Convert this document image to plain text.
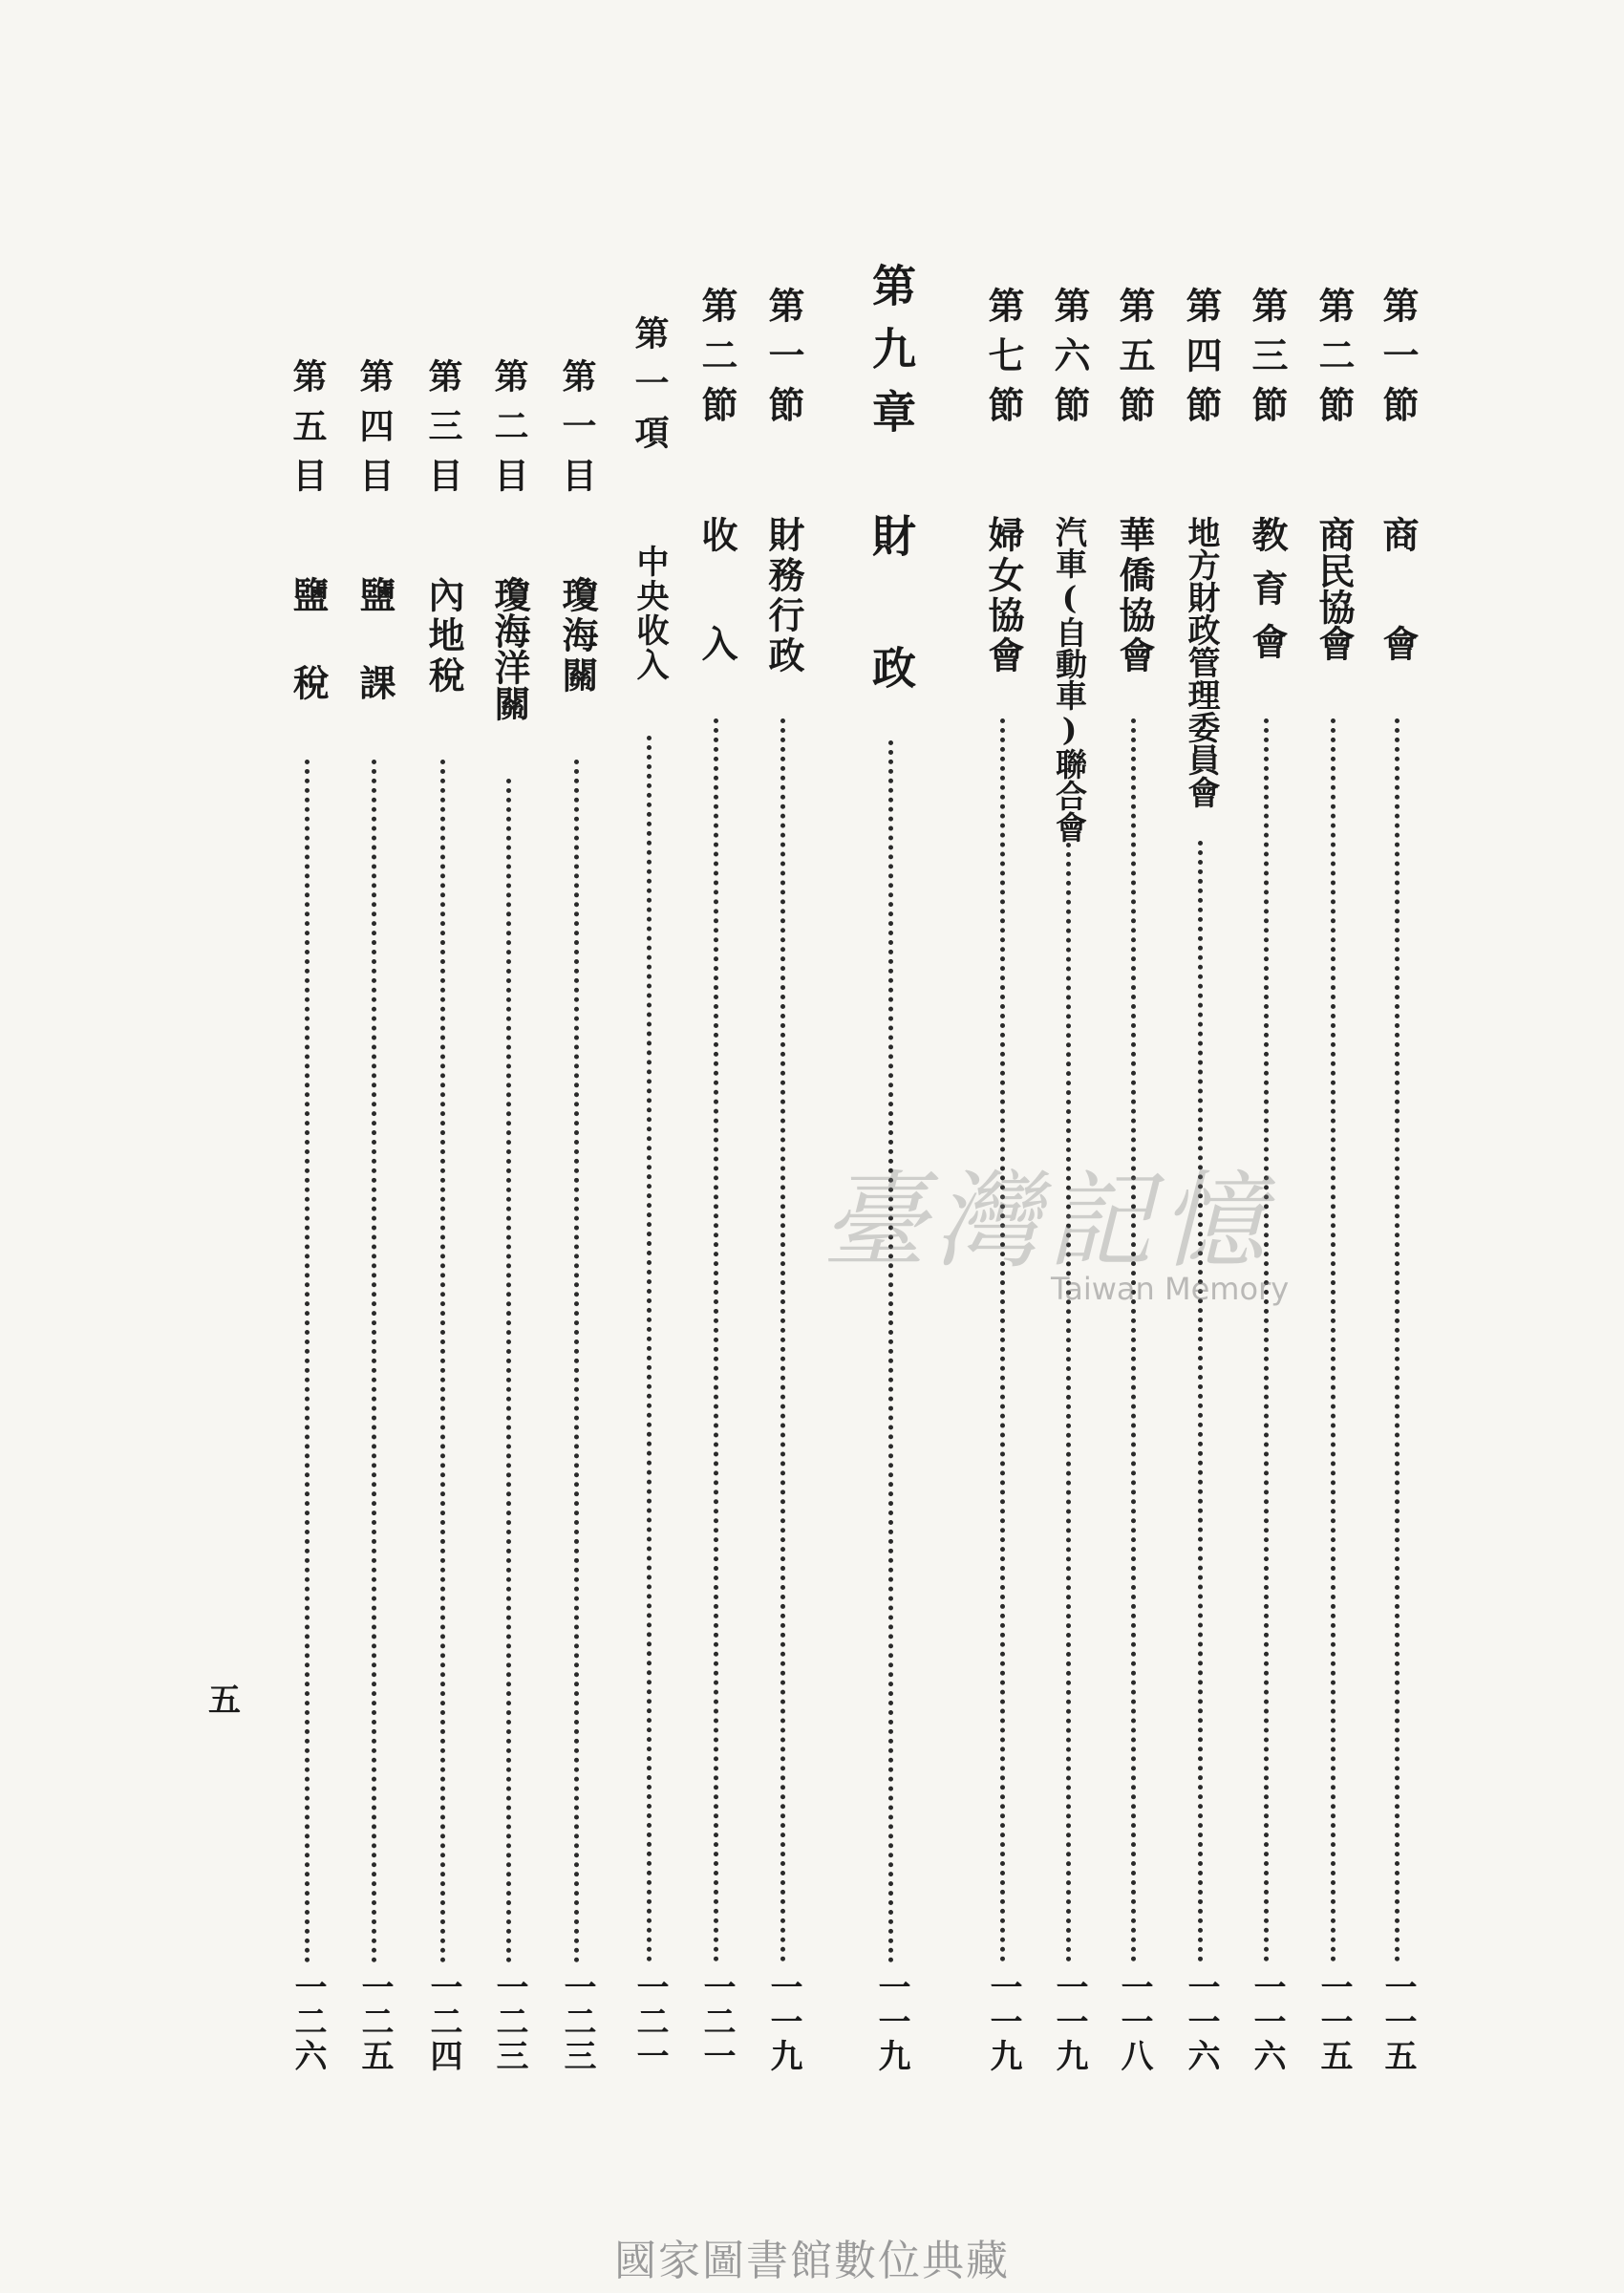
第一節
商　　會
一一五
第二節
商民協會
一一五
第三節
教育會
一一六
第四節
地方財政管理委員會
一一六
第五節
華僑協會
一一八
第六節
汽車(自動車)聯合會
一一九
第七節
婦女協會
一一九
第九章
財　　政
一一九
第一節
財務行政
一一九
第二節
收　　入
一二一
第一項
中央收入
一二一
第一目
瓊海關
一二三
第二目
瓊海洋關
一二三
第三目
內地稅
一二四
第四目
鹽　課
一二五
第五目
鹽　稅
一二六
五
臺灣記憶
Taiwan Memory
國家圖書館數位典藏
